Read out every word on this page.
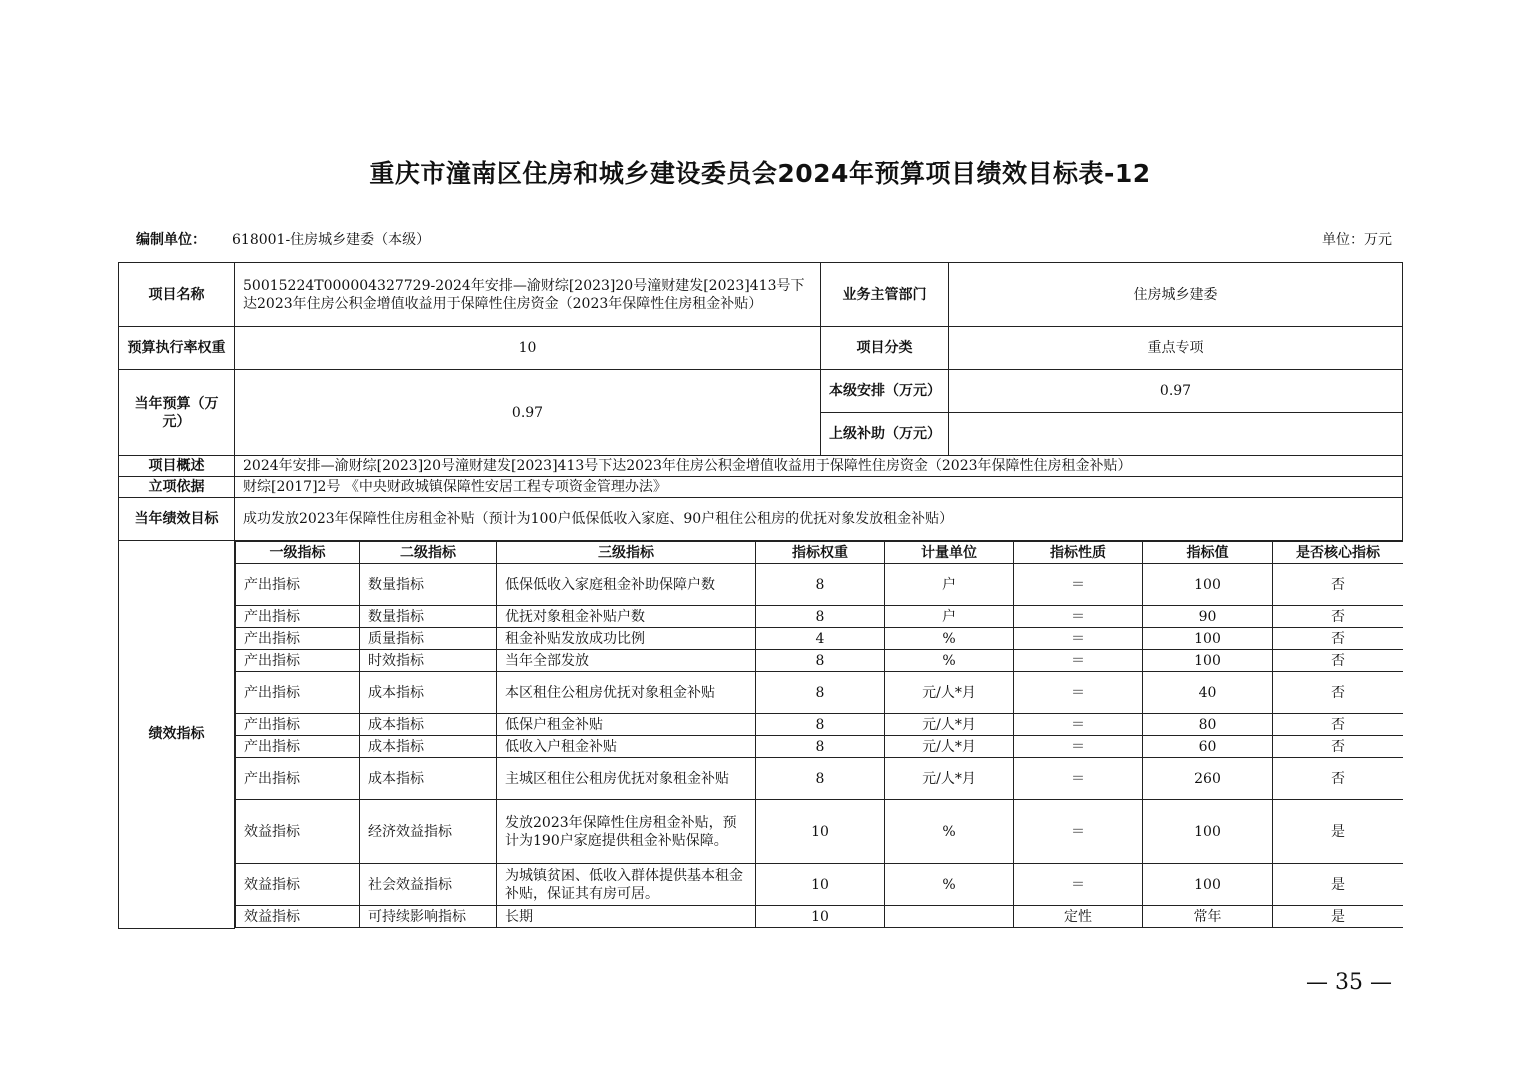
重庆市潼南区住房和城乡建设委员会2024年预算项目绩效目标表-12
编制单位： 618001-住房城乡建委（本级）	单位：万元
项目名称	50015224T000004327729-2024年安排—渝财综[2023]20号潼财建发[2023]413号下达2023年住房公积金增值收益用于保障性住房资金（2023年保障性住房租金补贴）	业务主管部门	住房城乡建委
预算执行率权重	10	项目分类	重点专项
当年预算（万元）	0.97	本级安排（万元）	0.97
上级补助（万元）	
项目概述	2024年安排—渝财综[2023]20号潼财建发[2023]413号下达2023年住房公积金增值收益用于保障性住房资金（2023年保障性住房租金补贴）
立项依据	财综[2017]2号 《中央财政城镇保障性安居工程专项资金管理办法》
当年绩效目标	成功发放2023年保障性住房租金补贴（预计为100户低保低收入家庭、90户租住公租房的优抚对象发放租金补贴）
绩效指标	
一级指标	二级指标	三级指标	指标权重	计量单位	指标性质	指标值	是否核心指标
产出指标	数量指标	低保低收入家庭租金补助保障户数	8	户	＝	100	否
产出指标	数量指标	优抚对象租金补贴户数	8	户	＝	90	否
产出指标	质量指标	租金补贴发放成功比例	4	%	＝	100	否
产出指标	时效指标	当年全部发放	8	%	＝	100	否
产出指标	成本指标	本区租住公租房优抚对象租金补贴	8	元/人*月	＝	40	否
产出指标	成本指标	低保户租金补贴	8	元/人*月	＝	80	否
产出指标	成本指标	低收入户租金补贴	8	元/人*月	＝	60	否
产出指标	成本指标	主城区租住公租房优抚对象租金补贴	8	元/人*月	＝	260	否
效益指标	经济效益指标	发放2023年保障性住房租金补贴，预计为190户家庭提供租金补贴保障。	10	%	＝	100	是
效益指标	社会效益指标	为城镇贫困、低收入群体提供基本租金补贴，保证其有房可居。	10	%	＝	100	是
效益指标	可持续影响指标	长期	10		定性	常年	是
— 35 —
